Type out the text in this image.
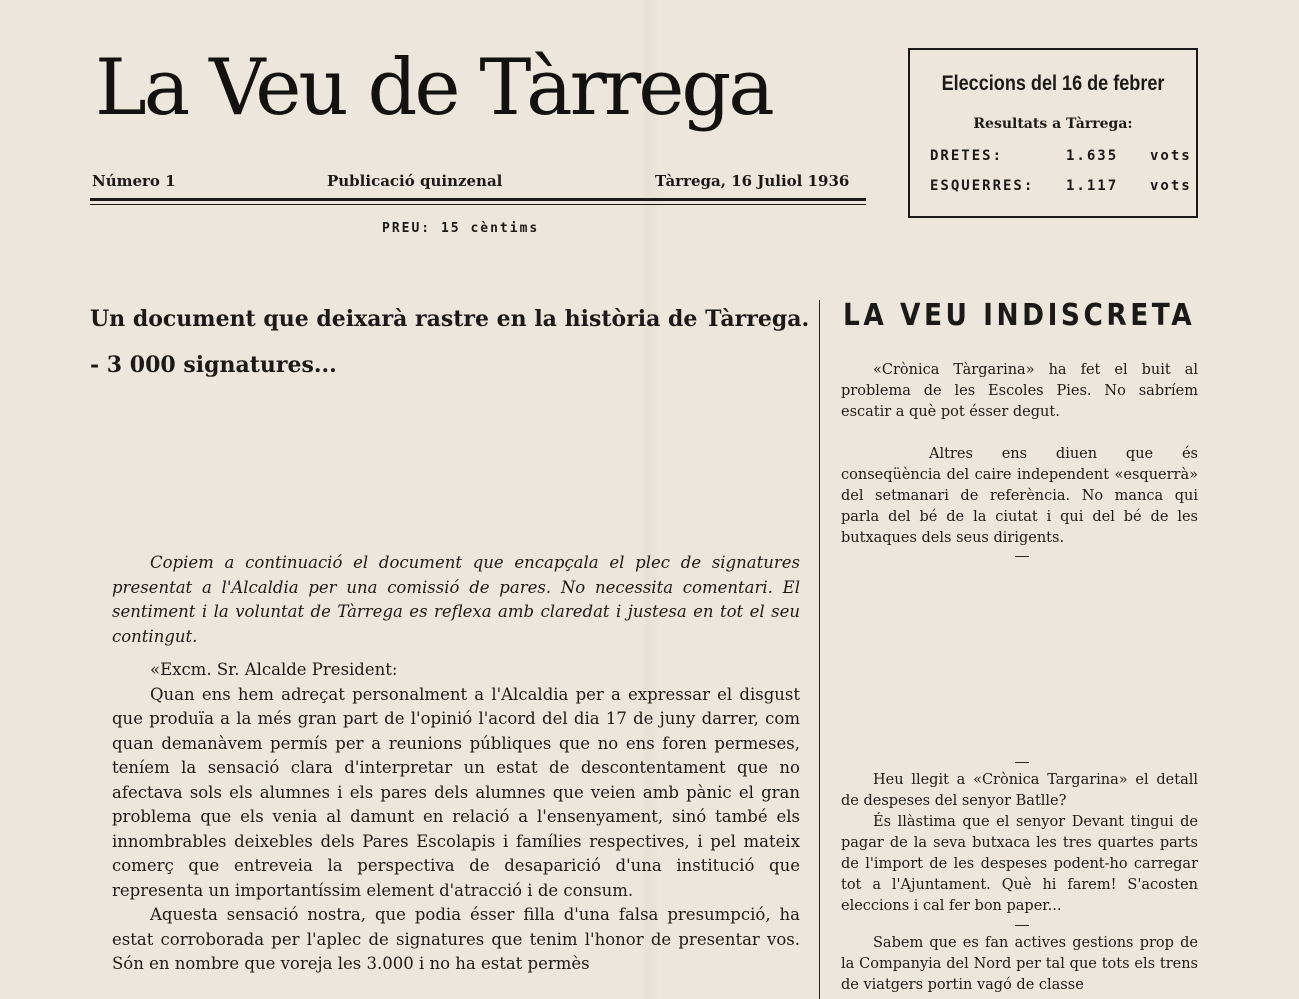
La Veu de Tàrrega
Número 1	Publicació quinzenal	Tàrrega, 16 Juliol 1936
PREU: 15 cèntims
Eleccions del 16 de febrer
Resultats a Tàrrega:
DRETES:	1.635 vots
ESQUERRES: 1.117 vots
Un document que deixarà rastre en la història de Tàrrega. - 3 000 signatures...
Copiem a continuació el document que encapçala el plec de signatures presentat a l'Alcaldia per una comissió de pares. No necessita comentari. El sentiment i la voluntat de Tàrrega es reflexa amb claredat i justesa en tot el seu contingut.

«Excm. Sr. Alcalde President:

Quan ens hem adreçat personalment a l'Alcaldia per a expressar el disgust que produïa a la més gran part de l'opinió l'acord del dia 17 de juny darrer, com quan demanàvem permís per a reunions públiques que no ens foren permeses, teníem la sensació clara d'interpretar un estat de descontentament que no afectava sols els alumnes i els pares dels alumnes que veien amb pànic el gran problema que els venia al damunt en relació a l'ensenyament, sinó també els innombrables deixebles dels Pares Escolapis i famílies respectives, i pel mateix comerç que entreveia la perspectiva de desaparició d'una institució que representa un importantíssim element d'atracció i de consum.

Aquesta sensació nostra, que podia ésser filla d'una falsa presumpció, ha estat corroborada per l'aplec de signatures que tenim l'honor de presentar vos. Són en nombre que voreja les 3.000 i no ha estat permès

LA VEU INDISCRETA

«Crònica Tàrgarina» ha fet el buit al problema de les Escoles Pies. No sabríem escatir a què pot ésser degut.

Altres ens diuen que és conseqüència del caire independent «esquerrà» del setmanari de referència. No manca qui parla del bé de la ciutat i qui del bé de les butxaques dels seus dirigents.

Heu llegit a «Crònica Targarina» el detall de despeses del senyor Batlle?

És llàstima que el senyor Devant tingui de pagar de la seva butxaca les tres quartes parts de l'import de les despeses podent-ho carregar tot a l'Ajuntament. Què hi farem! S'acosten eleccions i cal fer bon paper...

Sabem que es fan actives gestions prop de la Companyia del Nord per tal que tots els trens de viatgers portin vagó de classe
